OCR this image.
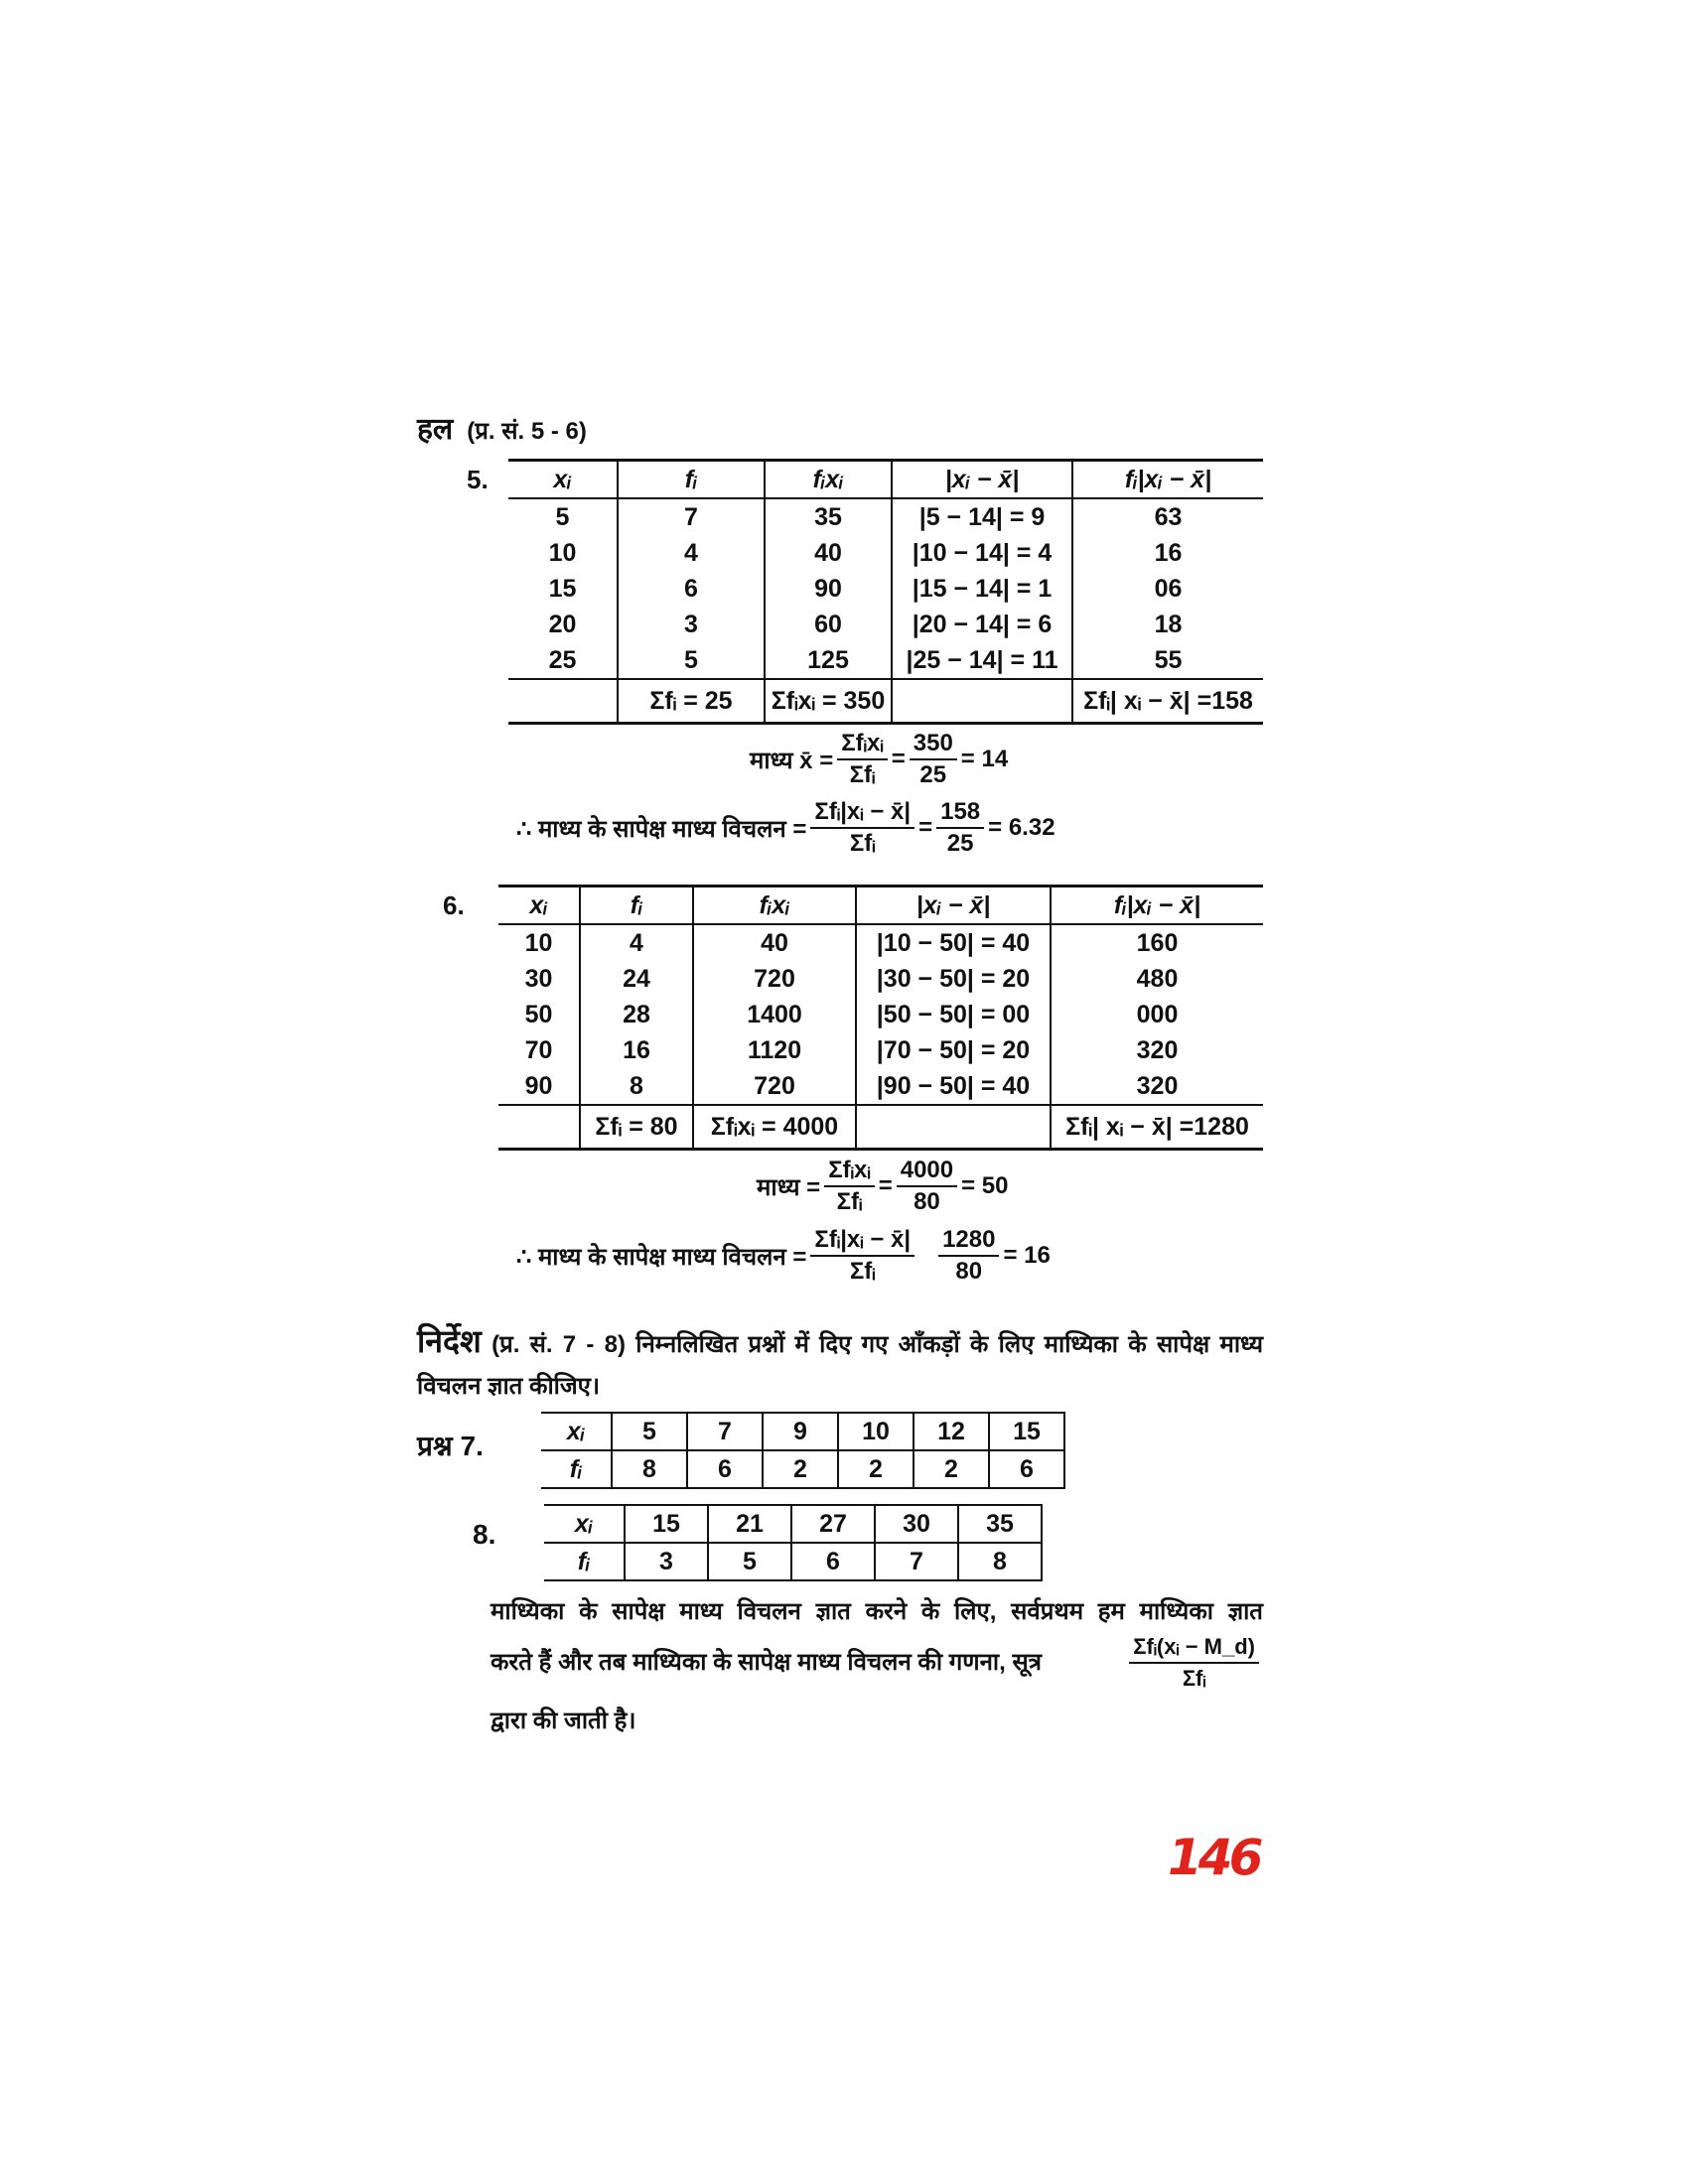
हल (प्र. सं. 5 - 6)
5.	xᵢ	fᵢ	fᵢxᵢ	|xᵢ − x̄|	fᵢ|xᵢ − x̄|
5	7	35	|5 − 14| = 9	63
10	4	40	|10 − 14| = 4	16
15	6	90	|15 − 14| = 1	06
20	3	60	|20 − 14| = 6	18
25	5	125	|25 − 14| = 11	55
	Σfᵢ = 25	Σfᵢxᵢ = 350		Σfᵢ| xᵢ − x̄| =158
माध्य x̄ = $\frac{\text{Σfᵢxᵢ}}{\text{Σfᵢ}} = \frac{350}{25} = 14$
∴ माध्य के सापेक्ष माध्य विचलन = $\frac{\text{Σfᵢ|xᵢ − x̄|}}{\text{Σfᵢ}} = \frac{158}{25} = 6.32$
6.	xᵢ	fᵢ	fᵢxᵢ	|xᵢ − x̄|	fᵢ|xᵢ − x̄|
10	4	40	|10 − 50| = 40	160
30	24	720	|30 − 50| = 20	480
50	28	1400	|50 − 50| = 00	000
70	16	1120	|70 − 50| = 20	320
90	8	720	|90 − 50| = 40	320
	Σfᵢ = 80	Σfᵢxᵢ = 4000		Σfᵢ| xᵢ − x̄| =1280
माध्य = $\frac{\text{Σfᵢxᵢ}}{\text{Σfᵢ}} = \frac{4000}{80} = 50$
∴ माध्य के सापेक्ष माध्य विचलन = $\frac{\text{Σfᵢ|xᵢ − x̄|}}{\text{Σfᵢ}} \frac{1280}{80} = 16$
निर्देश (प्र. सं. 7 - 8) निम्नलिखित प्रश्नों में दिए गए आँकड़ों के लिए माध्यिका के सापेक्ष माध्य विचलन ज्ञात कीजिए।
प्रश्न 7.	xᵢ	5	7	9	10	12	15
fᵢ	8	6	2	2	2	6
8.	xᵢ	15	21	27	30	35
fᵢ	3	5	6	7	8
माध्यिका के सापेक्ष माध्य विचलन ज्ञात करने के लिए, सर्वप्रथम हम माध्यिका ज्ञात
करते हैं और तब माध्यिका के सापेक्ष माध्य विचलन की गणना, सूत्र	$\frac{\text{Σfᵢ(xᵢ − M\_d)}}{\text{Σfᵢ}}$
द्वारा की जाती है।
146
